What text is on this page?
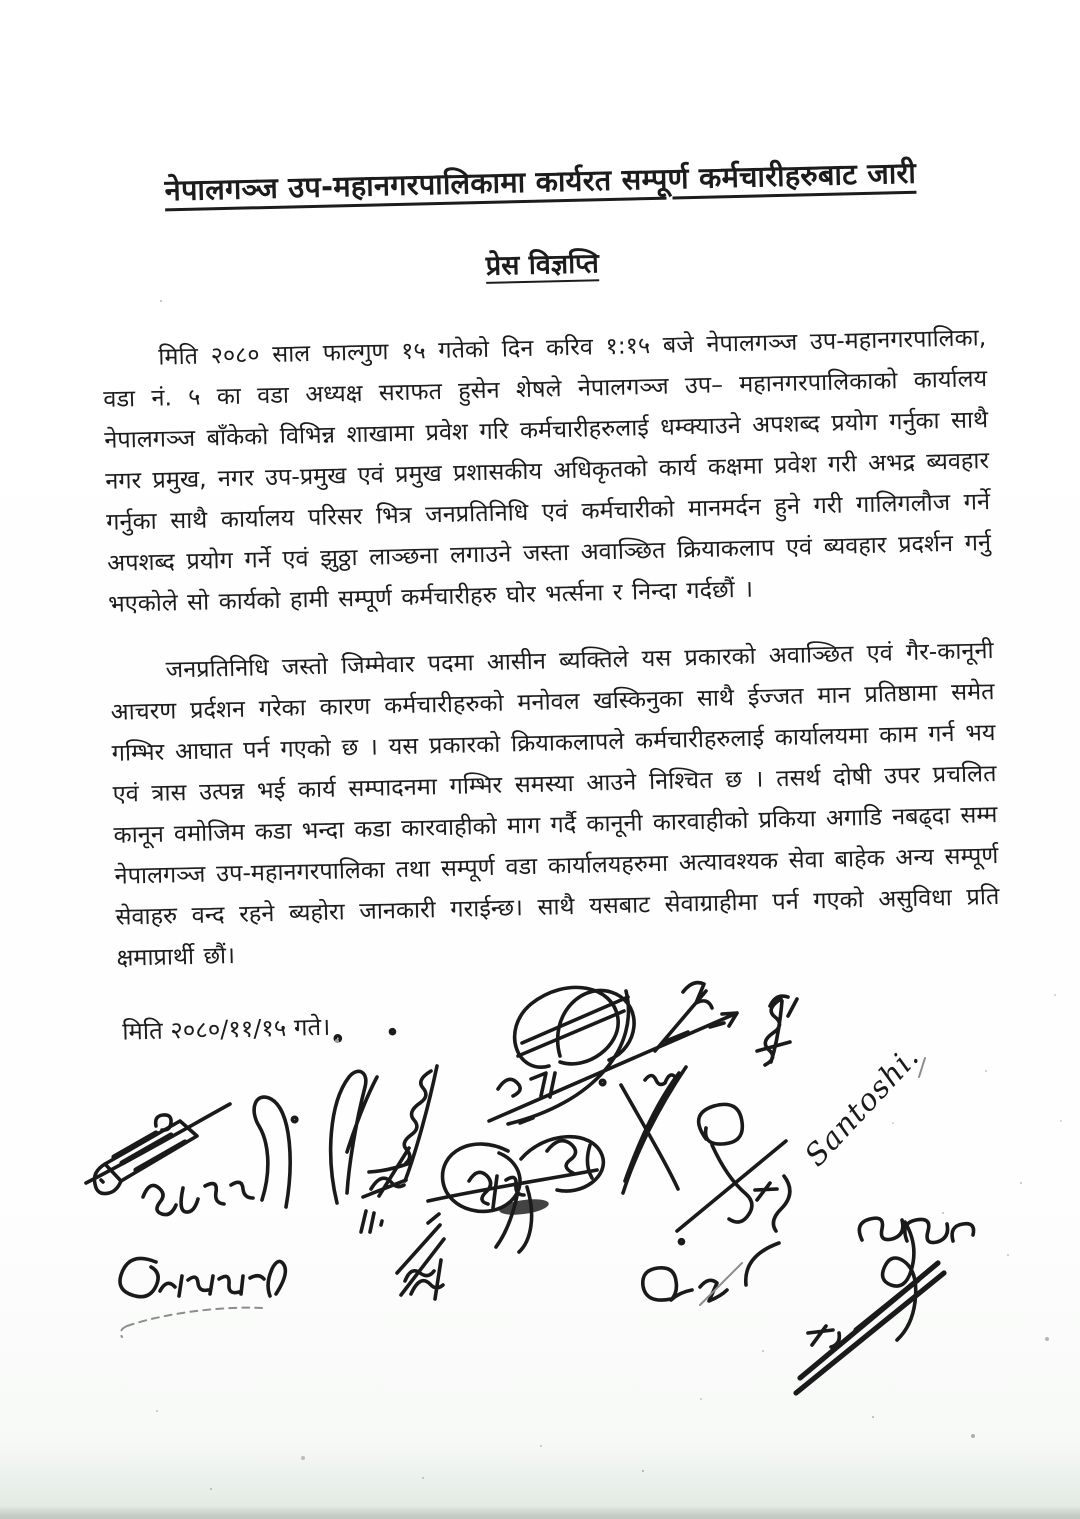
नेपालगञ्ज उप-महानगरपालिकामा कार्यरत सम्पूर्ण कर्मचारीहरुबाट जारी
प्रेस विज्ञप्ति

मिति २०८० साल फाल्गुण १५ गतेको दिन करिव १:१५ बजे नेपालगञ्ज उप-महानगरपालिका, वडा नं. ५ का वडा अध्यक्ष सराफत हुसेन शेषले नेपालगञ्ज उप– महानगरपालिकाको कार्यालय नेपालगञ्ज बाँकेको विभिन्न शाखामा प्रवेश गरि कर्मचारीहरुलाई धम्क्याउने अपशब्द प्रयोग गर्नुका साथै नगर प्रमुख, नगर उप-प्रमुख एवं प्रमुख प्रशासकीय अधिकृतको कार्य कक्षमा प्रवेश गरी अभद्र ब्यवहार गर्नुका साथै कार्यालय परिसर भित्र जनप्रतिनिधि एवं कर्मचारीको मानमर्दन हुने गरी गालिगलौज गर्ने अपशब्द प्रयोग गर्ने एवं झुठ्ठा लाञ्छना लगाउने जस्ता अवाञ्छित क्रियाकलाप एवं ब्यवहार प्रदर्शन गर्नु भएकोले सो कार्यको हामी सम्पूर्ण कर्मचारीहरु घोर भर्त्सना र निन्दा गर्दछौं ।

जनप्रतिनिधि जस्तो जिम्मेवार पदमा आसीन ब्यक्तिले यस प्रकारको अवाञ्छित एवं गैर-कानूनी आचरण प्रर्दशन गरेका कारण कर्मचारीहरुको मनोवल खस्किनुका साथै ईज्जत मान प्रतिष्ठामा समेत गम्भिर आघात पर्न गएको छ । यस प्रकारको क्रियाकलापले कर्मचारीहरुलाई कार्यालयमा काम गर्न भय एवं त्रास उत्पन्न भई कार्य सम्पादनमा गम्भिर समस्या आउने निश्चित छ । तसर्थ दोषी उपर प्रचलित कानून वमोजिम कडा भन्दा कडा कारवाहीको माग गर्दै कानूनी कारवाहीको प्रकिया अगाडि नबढ्दा सम्म नेपालगञ्ज उप-महानगरपालिका तथा सम्पूर्ण वडा कार्यालयहरुमा अत्यावश्यक सेवा बाहेक अन्य सम्पूर्ण सेवाहरु वन्द रहने ब्यहोरा जानकारी गराईन्छ। साथै यसबाट सेवाग्राहीमा पर्न गएको असुविधा प्रति क्षमाप्रार्थी छौं।

मिति २०८०/११/१५ गते।

Santoshi.
